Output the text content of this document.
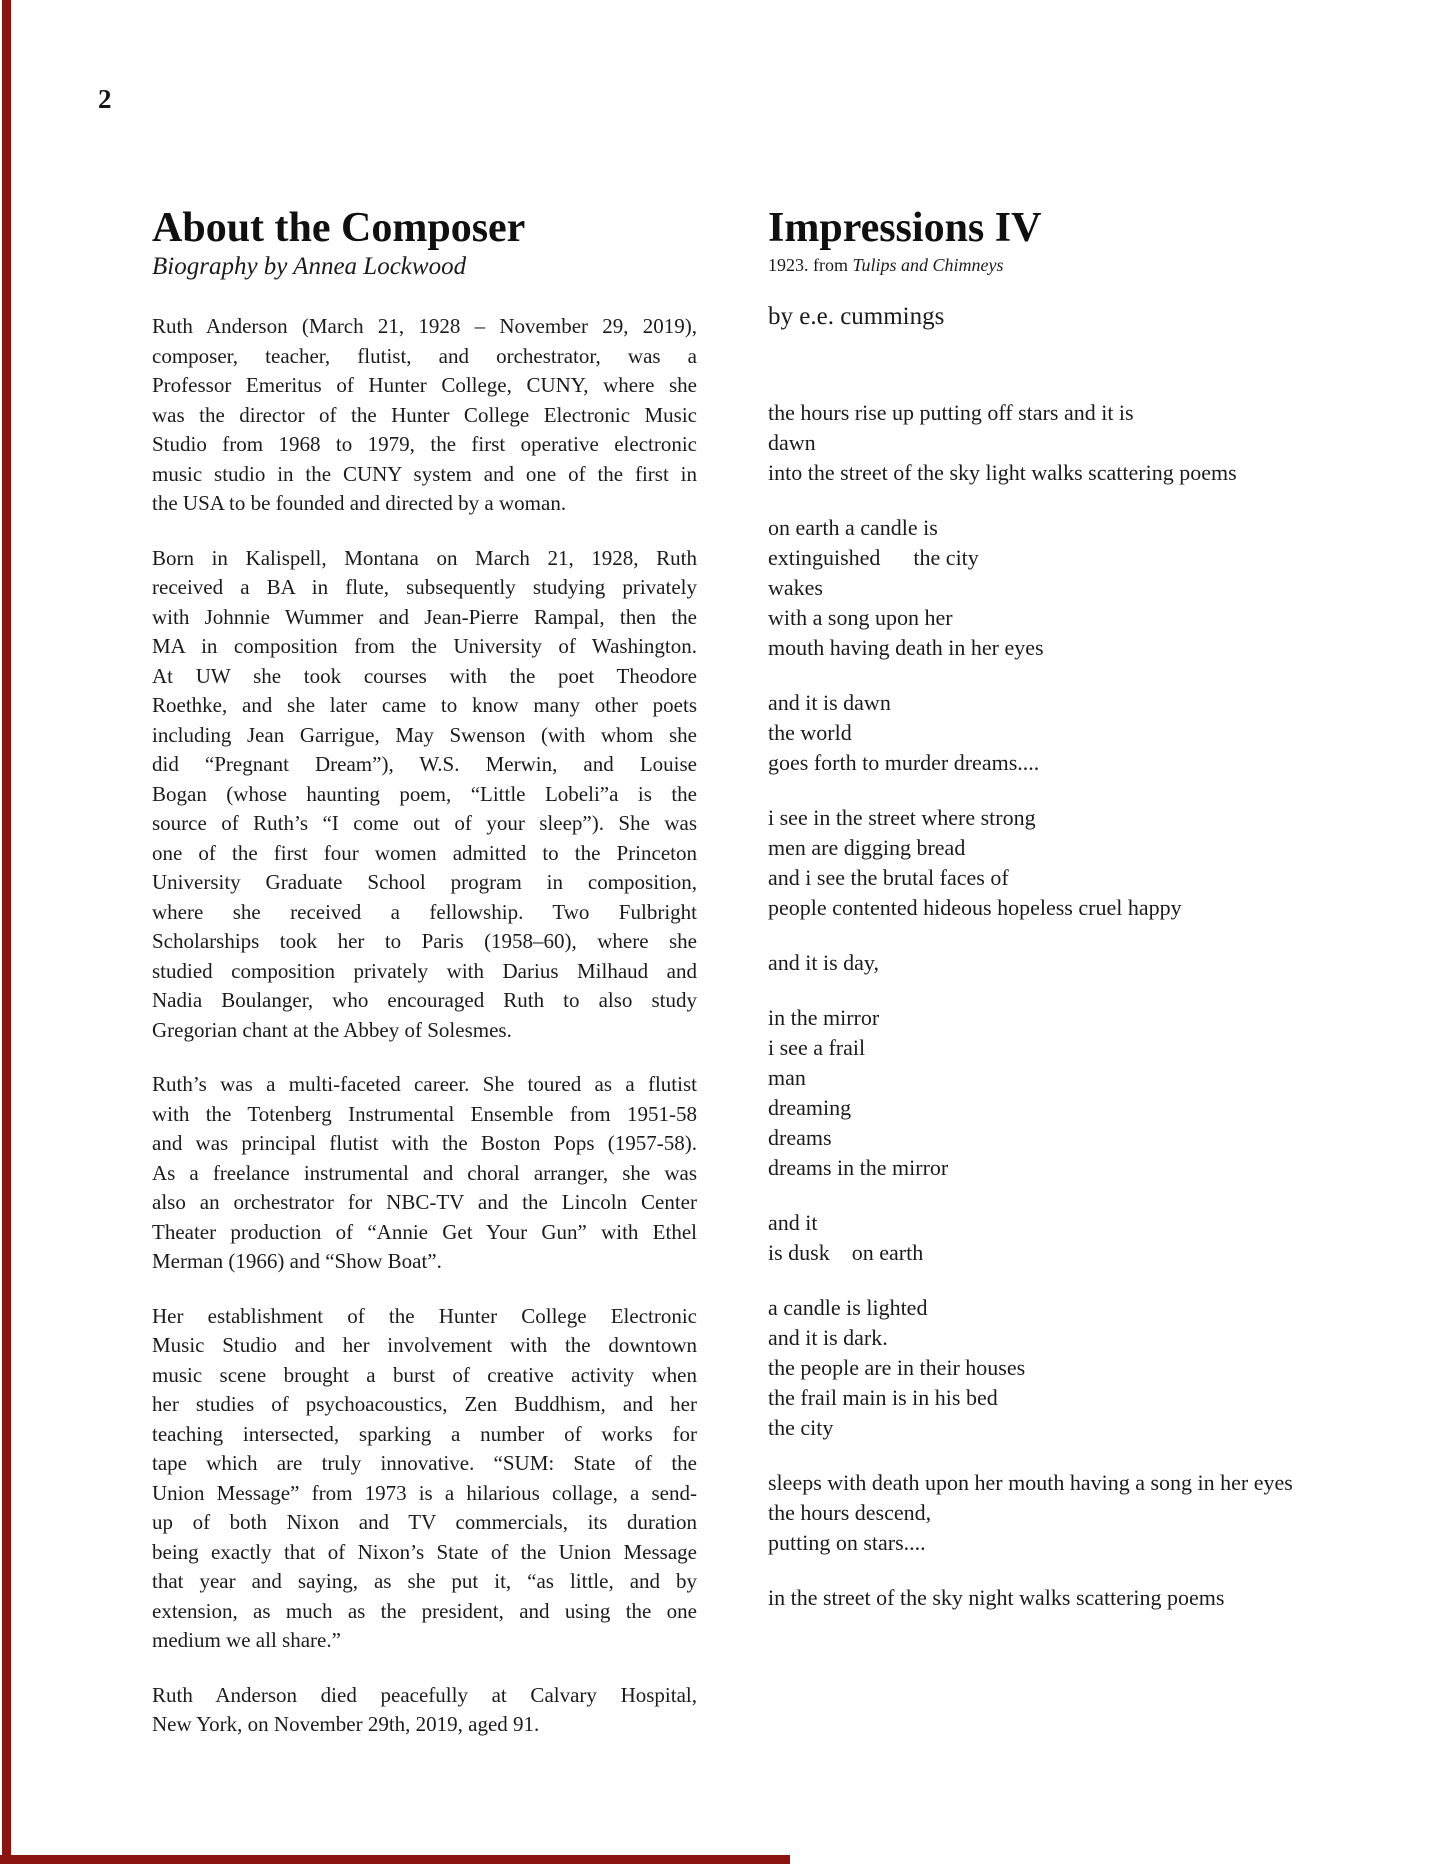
2
About the Composer
Biography by Annea Lockwood
Ruth Anderson (March 21, 1928 – November 29, 2019),
composer, teacher, flutist, and orchestrator, was a
Professor Emeritus of Hunter College, CUNY, where she
was the director of the Hunter College Electronic Music
Studio from 1968 to 1979, the first operative electronic
music studio in the CUNY system and one of the first in
the USA to be founded and directed by a woman.
Born in Kalispell, Montana on March 21, 1928, Ruth
received a BA in flute, subsequently studying privately
with Johnnie Wummer and Jean-Pierre Rampal, then the
MA in composition from the University of Washington.
At UW she took courses with the poet Theodore
Roethke, and she later came to know many other poets
including Jean Garrigue, May Swenson (with whom she
did “Pregnant Dream”), W.S. Merwin, and Louise
Bogan (whose haunting poem, “Little Lobeli”a is the
source of Ruth’s “I come out of your sleep”). She was
one of the first four women admitted to the Princeton
University Graduate School program in composition,
where she received a fellowship. Two Fulbright
Scholarships took her to Paris (1958–60), where she
studied composition privately with Darius Milhaud and
Nadia Boulanger, who encouraged Ruth to also study
Gregorian chant at the Abbey of Solesmes.
Ruth’s was a multi-faceted career. She toured as a flutist
with the Totenberg Instrumental Ensemble from 1951-58
and was principal flutist with the Boston Pops (1957-58).
As a freelance instrumental and choral arranger, she was
also an orchestrator for NBC-TV and the Lincoln Center
Theater production of “Annie Get Your Gun” with Ethel
Merman (1966) and “Show Boat”.
Her establishment of the Hunter College Electronic
Music Studio and her involvement with the downtown
music scene brought a burst of creative activity when
her studies of psychoacoustics, Zen Buddhism, and her
teaching intersected, sparking a number of works for
tape which are truly innovative. “SUM: State of the
Union Message” from 1973 is a hilarious collage, a send-
up of both Nixon and TV commercials, its duration
being exactly that of Nixon’s State of the Union Message
that year and saying, as she put it, “as little, and by
extension, as much as the president, and using the one
medium we all share.”
Ruth Anderson died peacefully at Calvary Hospital,
New York, on November 29th, 2019, aged 91.
Impressions IV
1923. from Tulips and Chimneys
by e.e. cummings
the hours rise up putting off stars and it is
dawn
into the street of the sky light walks scattering poems
on earth a candle is
extinguished      the city
wakes
with a song upon her
mouth having death in her eyes
and it is dawn
the world
goes forth to murder dreams....
i see in the street where strong
men are digging bread
and i see the brutal faces of
people contented hideous hopeless cruel happy
and it is day,
in the mirror
i see a frail
man
dreaming
dreams
dreams in the mirror
and it
is dusk    on earth
a candle is lighted
and it is dark.
the people are in their houses
the frail main is in his bed
the city
sleeps with death upon her mouth having a song in her eyes
the hours descend,
putting on stars....
in the street of the sky night walks scattering poems
